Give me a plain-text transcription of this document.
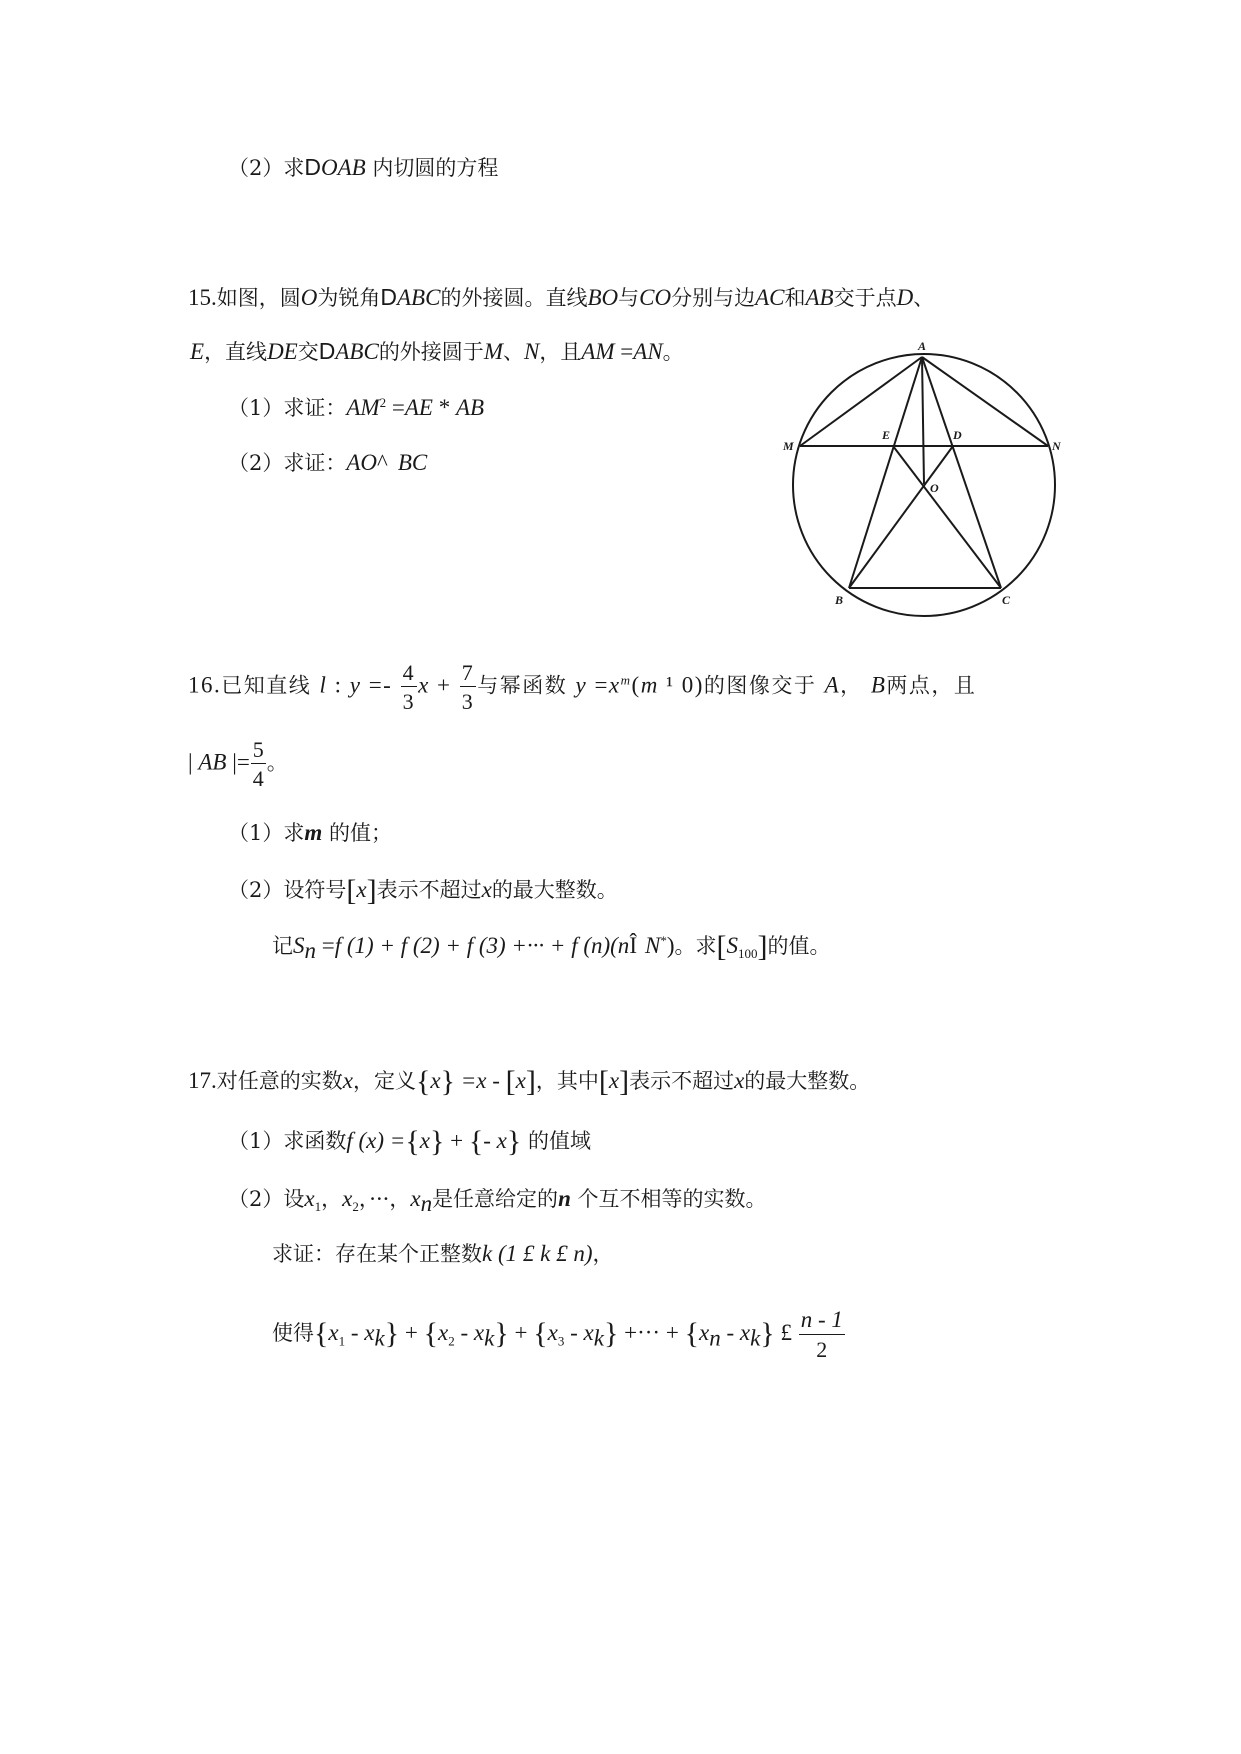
（2）求DOAB 内切圆的方程
15.如图，圆O为锐角DABC的外接圆。直线BO与CO分别与边AC和AB交于点D、
E，直线DE交DABC的外接圆于M、N，且AM =AN。
（1）求证：$AM^2 =AE$ * AB
（2）求证：AO^ BC
A
M
E	D
N
O
B	C
16.已知直线 l : $y =- \frac{4}{3}$ $x + \frac{7}{3}$ 与幂函数 $y =x^m(m$ ¹ 0)的图像交于 A， B两点，且
| AB |= $\frac{5}{4}$ 。
（1）求m 的值；
（2）设符号[x]表示不超过x的最大整数。
记$S_n =f$ (1) + f (2) + f (3) +··· + f (n)(nÎ N*)。求$[S_{100}]$的值。
17.对任意的实数x，定义{x} =x - [x]，其中[x]表示不超过x的最大整数。
（1）求函数f (x) ={x} + {- x} 的值域
（2）设$x_1$，$x_2$，···，$x_n$是任意给定的n 个互不相等的实数。
求证：存在某个正整数k (1 £ k £ n)，
使得$\{x_1 - x_k\} + \{x_2 - x_k\} + \{x_3 - x_k\}$ +··· + $\{x_n - x_k\}$ £ $\frac{n - 1}{2}$
